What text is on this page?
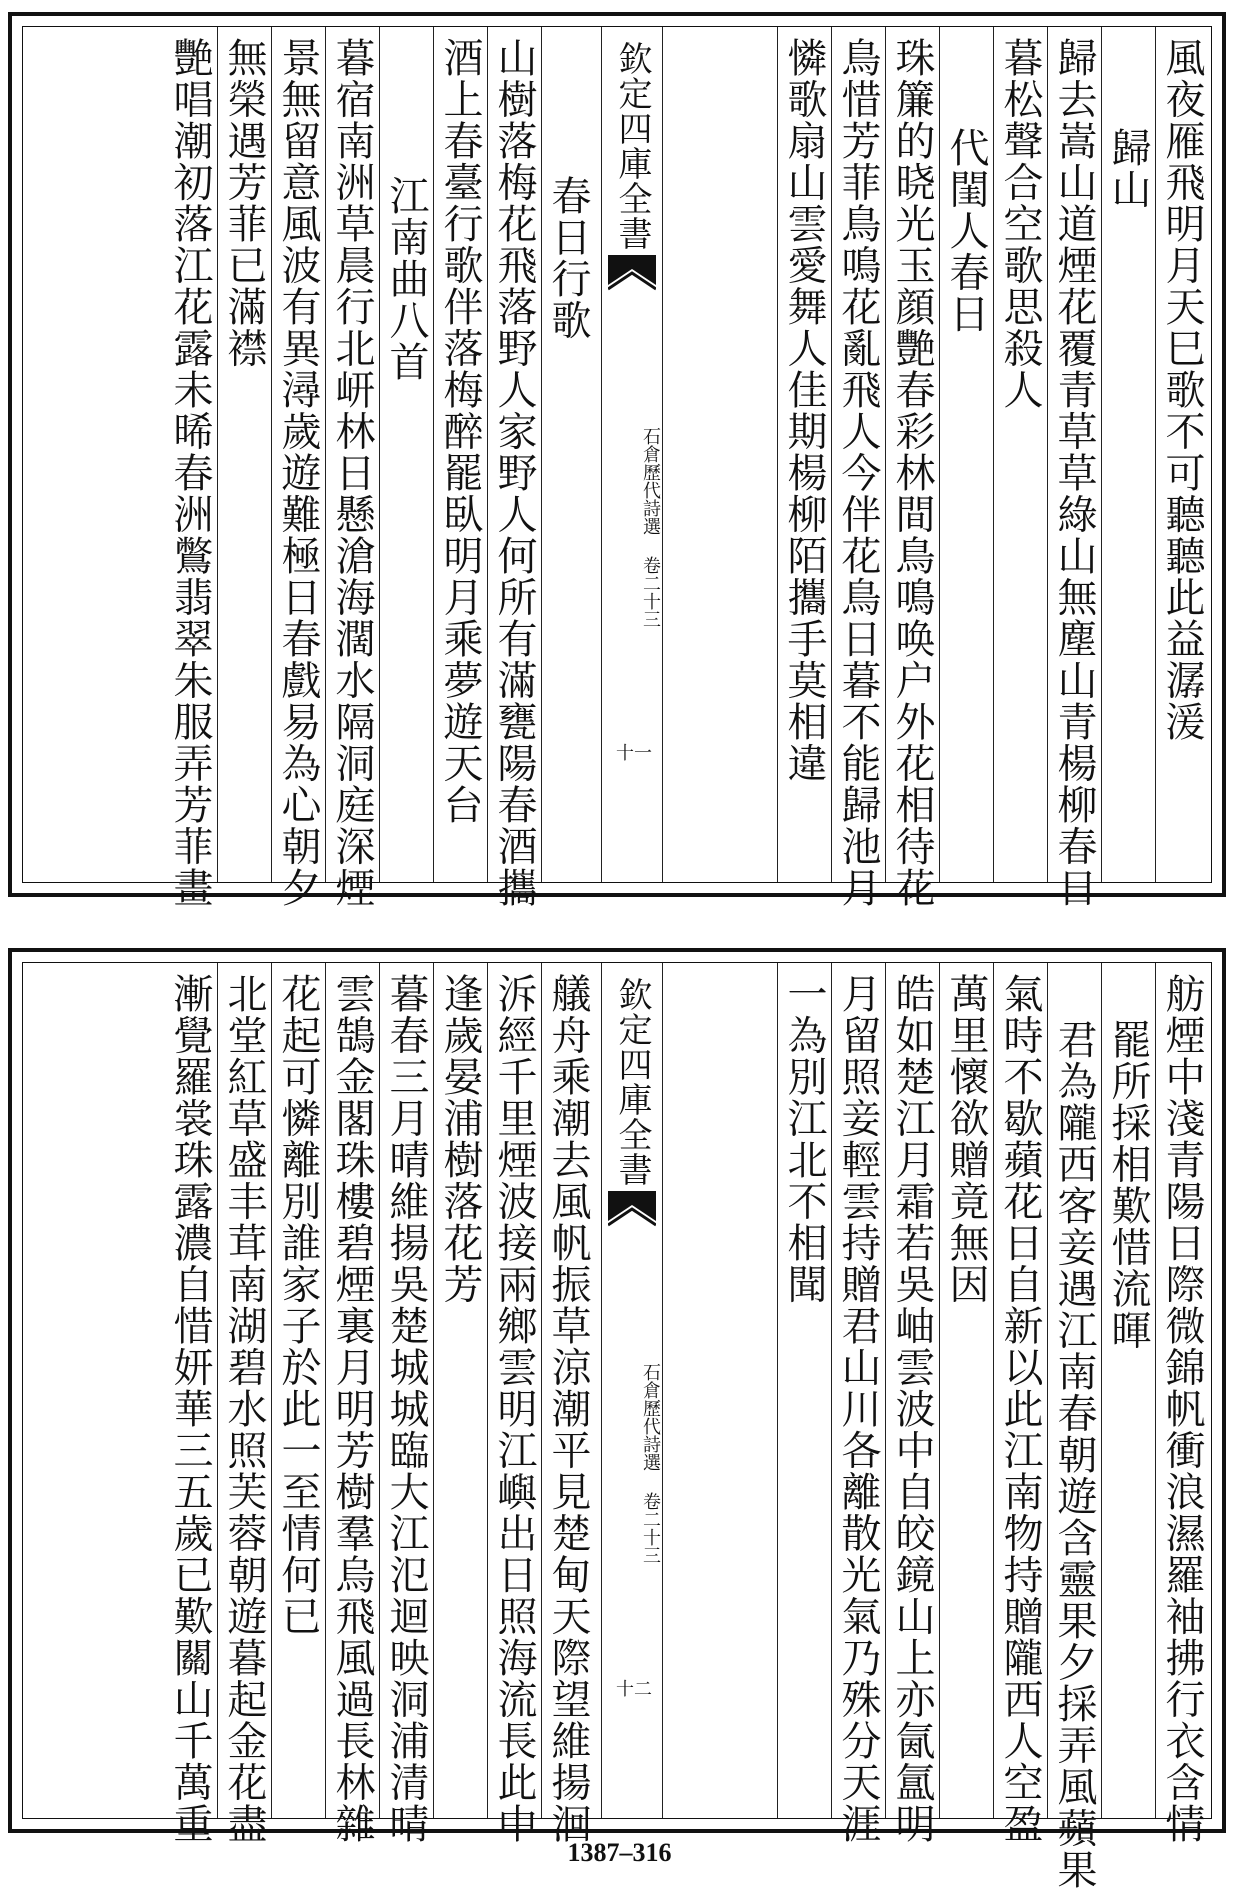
風夜雁飛明月天巳歌不可聽聽此益潺湲
歸山
歸去嵩山道煙花覆青草草綠山無塵山青楊柳春日
暮松聲合空歌思殺人
代閨人春日
珠簾的晓光玉顔艷春彩林間鳥鳴唤户外花相待花
鳥惜芳菲鳥鳴花亂飛人今伴花鳥日暮不能歸池月
憐歌扇山雲愛舞人佳期楊柳陌攜手莫相違
欽定四庫全書
石倉歷代詩選 卷二十三
十一
春日行歌
山樹落梅花飛落野人家野人何所有滿甕陽春酒攜
酒上春臺行歌伴落梅醉罷臥明月乘夢遊天台
江南曲八首
暮宿南洲草晨行北岍林日懸滄海濶水隔洞庭深煙
景無留意風波有異潯歲遊難極日春戲易為心朝夕
無榮遇芳菲已滿襟
艷唱潮初落江花露未晞春洲鷩翡翠朱服弄芳菲畫
舫煙中淺青陽日際微錦帆衝浪濕羅袖拂行衣含情
罷所採相歎惜流暉
君為隴西客妾遇江南春朝遊含靈果夕採弄風蘋果
氣時不歇蘋花日自新以此江南物持贈隴西人空盈
萬里懷欲贈竟無因
皓如楚江月霜若吳岫雲波中自皎鏡山上亦氤氲明
月留照妾輕雲持贈君山川各離散光氣乃殊分天涯
一為別江北不相聞
欽定四庫全書
石倉歷代詩選 卷二十三
十二
艤舟乘潮去風帆振草涼潮平見楚甸天際望維揚洄
泝經千里煙波接兩鄉雲明江嶼出日照海流長此中
逢歲晏浦樹落花芳
暮春三月晴維揚吳楚城城臨大江氾迴映洞浦清晴
雲鵠金閣珠樓碧煙裏月明芳樹羣烏飛風過長林雜
花起可憐離別誰家子於此一至情何已
北堂紅草盛丰茸南湖碧水照芙蓉朝遊暮起金花盡
漸覺羅裳珠露濃自惜妍華三五歲已歎關山千萬重
1387–316
